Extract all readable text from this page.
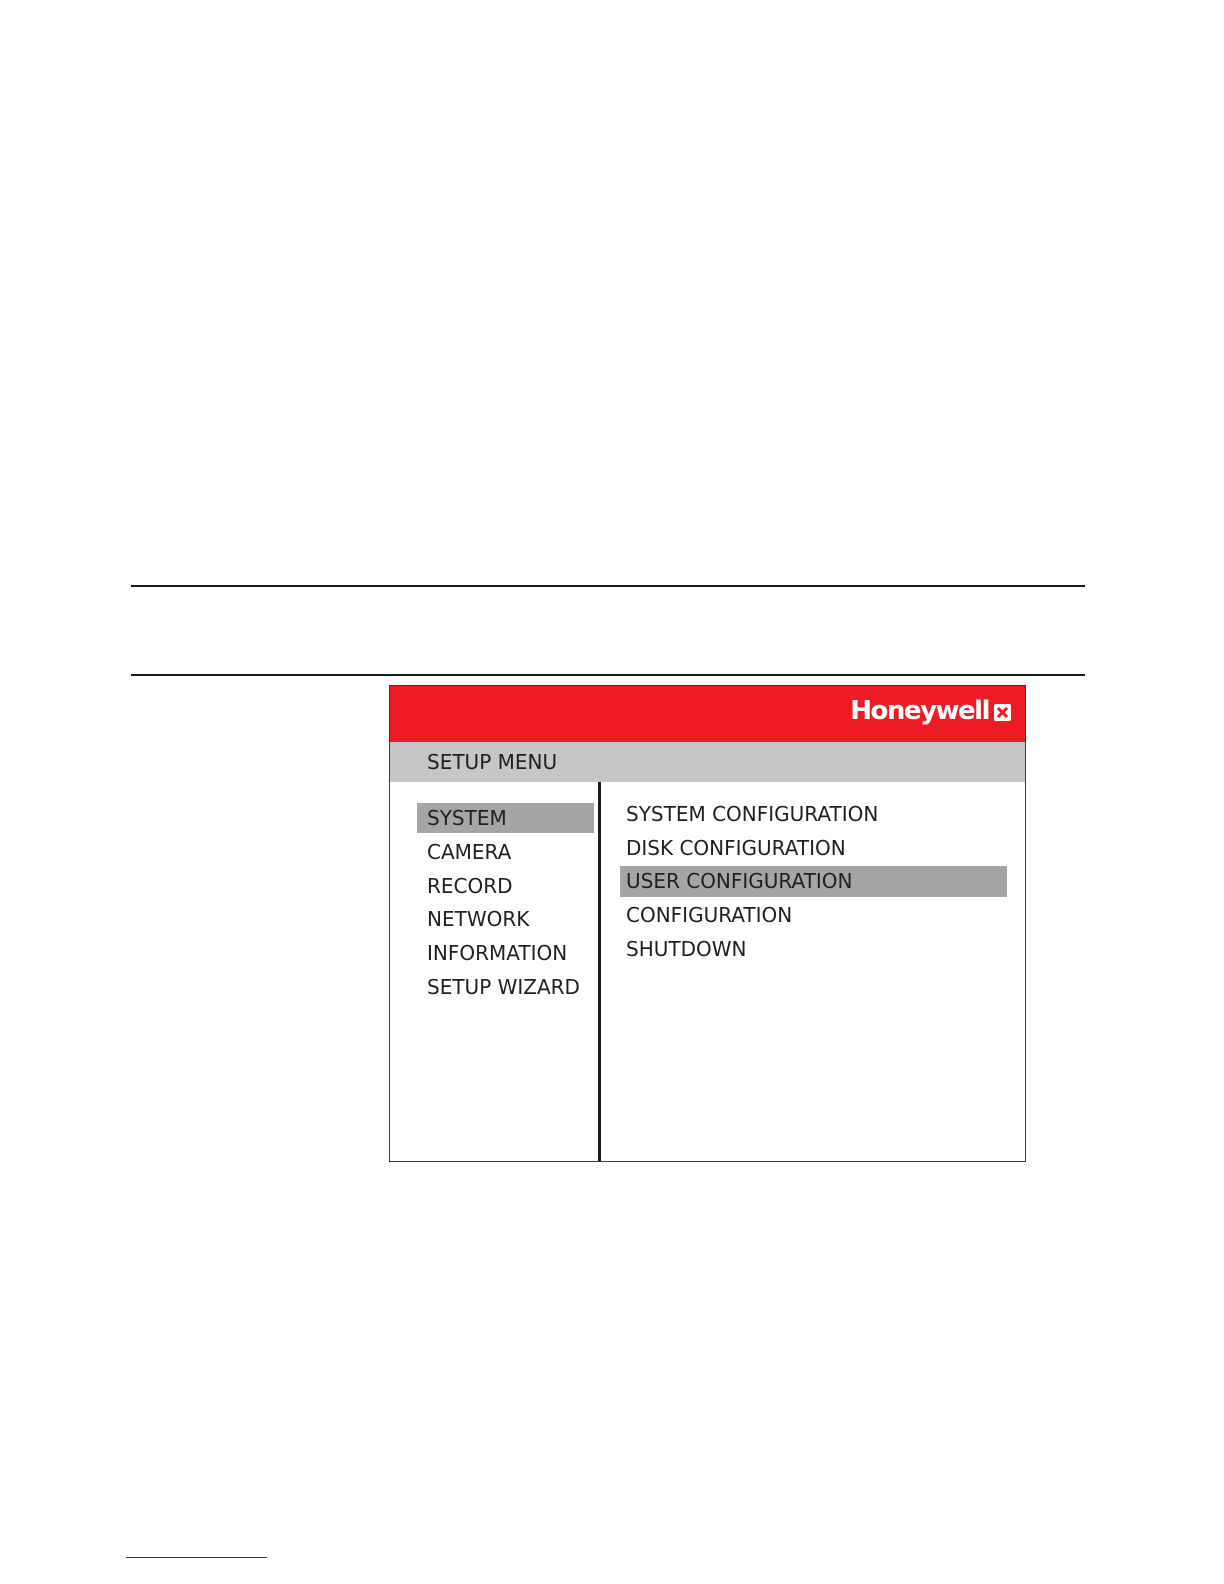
Honeywell
SETUP MENU
SYSTEM
CAMERA
RECORD
NETWORK
INFORMATION
SETUP WIZARD
SYSTEM CONFIGURATION
DISK CONFIGURATION
USER CONFIGURATION
CONFIGURATION
SHUTDOWN
